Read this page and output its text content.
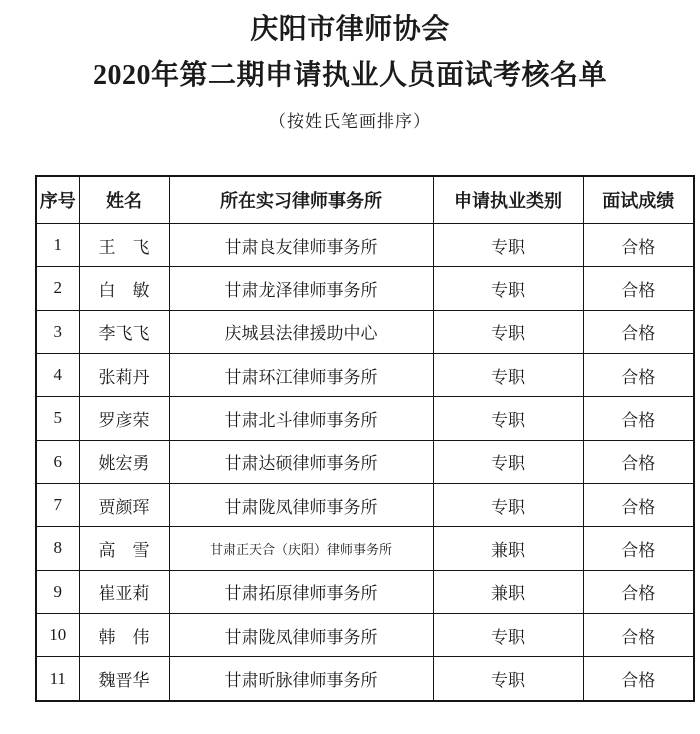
庆阳市律师协会
2020年第二期申请执业人员面试考核名单
（按姓氏笔画排序）
序号	姓名	所在实习律师事务所	申请执业类别	面试成绩
1	王　飞	甘肃良友律师事务所	专职	合格
2	白　敏	甘肃龙泽律师事务所	专职	合格
3	李飞飞	庆城县法律援助中心	专职	合格
4	张莉丹	甘肃环江律师事务所	专职	合格
5	罗彦荣	甘肃北斗律师事务所	专职	合格
6	姚宏勇	甘肃达硕律师事务所	专职	合格
7	贾颜珲	甘肃陇凤律师事务所	专职	合格
8	高　雪	甘肃正天合（庆阳）律师事务所	兼职	合格
9	崔亚莉	甘肃拓原律师事务所	兼职	合格
10	韩　伟	甘肃陇凤律师事务所	专职	合格
11	魏晋华	甘肃昕脉律师事务所	专职	合格
